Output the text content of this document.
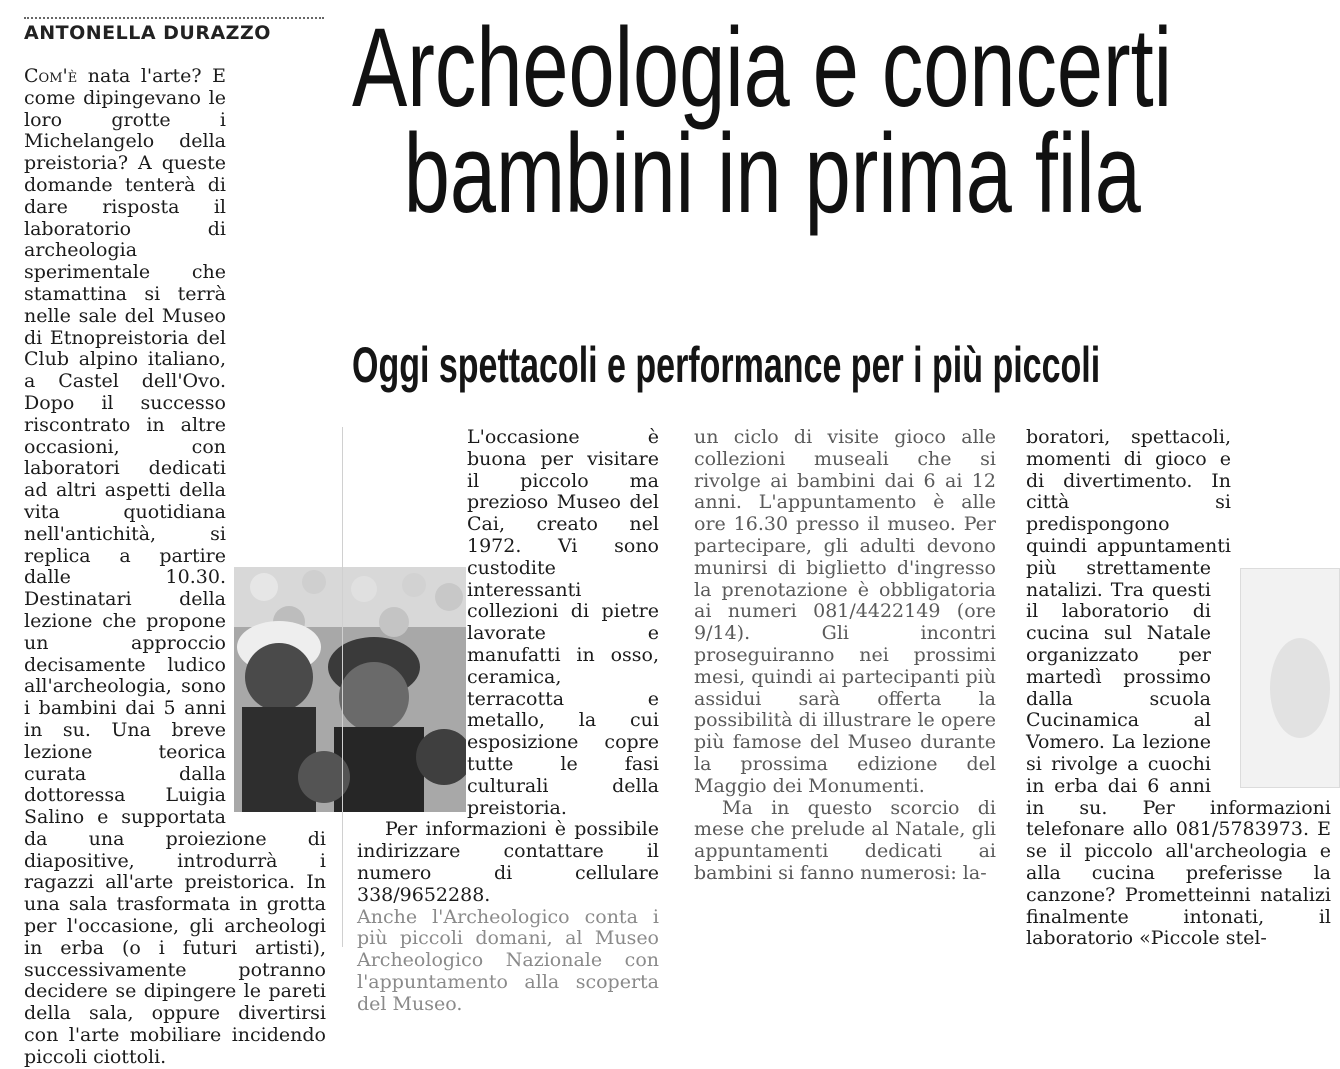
ANTONELLA DURAZZO Archeologia e concerti
bambini in prima fila
Oggi spettacoli e performance per i più piccoli

Com'è nata l'arte? E come dipingevano le loro grotte i Michelangelo della preistoria? A queste domande tenterà di dare risposta il laboratorio di archeologia sperimentale che stamattina si terrà nelle sale del Museo di Etnopreistoria del Club alpino italiano, a Castel dell'Ovo. Dopo il successo riscontrato in altre occasioni, con laboratori dedicati ad altri aspetti della vita quotidiana nell'antichità, si replica a partire dalle 10.30. Destinatari della lezione che propone un approccio decisamente ludico all'archeologia, sono i bambini dai 5 anni in su. Una breve lezione teorica curata dalla dottoressa Luigia Salino e supportata da una proiezione di diapositive, introdurrà i ragazzi all'arte preistorica. In una sala trasformata in grotta per l'occasione, gli archeologi in erba (o i futuri artisti), successivamente potranno decidere se dipingere le pareti della sala, oppure divertirsi con l'arte mobiliare incidendo piccoli ciottoli.

L'occasione è buona per visitare il piccolo ma prezioso Museo del Cai, creato nel 1972. Vi sono custodite interessanti collezioni di pietre lavorate e manufatti in osso, ceramica, terracotta e metallo, la cui esposizione copre tutte le fasi culturali della preistoria.

Per informazioni è possibile indirizzare contattare il numero di cellulare 338/9652288.

Anche l'Archeologico conta i più piccoli domani, al Museo Archeologico Nazionale con l'appuntamento alla scoperta del Museo.

un ciclo di visite gioco alle collezioni museali che si rivolge ai bambini dai 6 ai 12 anni. L'appuntamento è alle ore 16.30 presso il museo. Per partecipare, gli adulti devono munirsi di biglietto d'ingresso la prenotazione è obbligatoria ai numeri 081/4422149 (ore 9/14). Gli incontri proseguiranno nei prossimi mesi, quindi ai partecipanti più assidui sarà offerta la possibilità di illustrare le opere più famose del Museo durante la prossima edizione del Maggio dei Monumenti.

Ma in questo scorcio di mese che prelude al Natale, gli appuntamenti dedicati ai bambini si fanno numerosi: la-

boratori, spettacoli, momenti di gioco e di divertimento. In città si predispongono quindi appuntamenti più strettamente natalizi. Tra questi il laboratorio di cucina sul Natale organizzato per martedì prossimo dalla scuola Cucinamica al Vomero. La lezione si rivolge a cuochi in erba dai 6 anni in su. Per informazioni telefonare allo 081/5783973. E se il piccolo all'archeologia e alla cucina preferisse la canzone? Prometteinni natalizi finalmente intonati, il laboratorio «Piccole stel-
